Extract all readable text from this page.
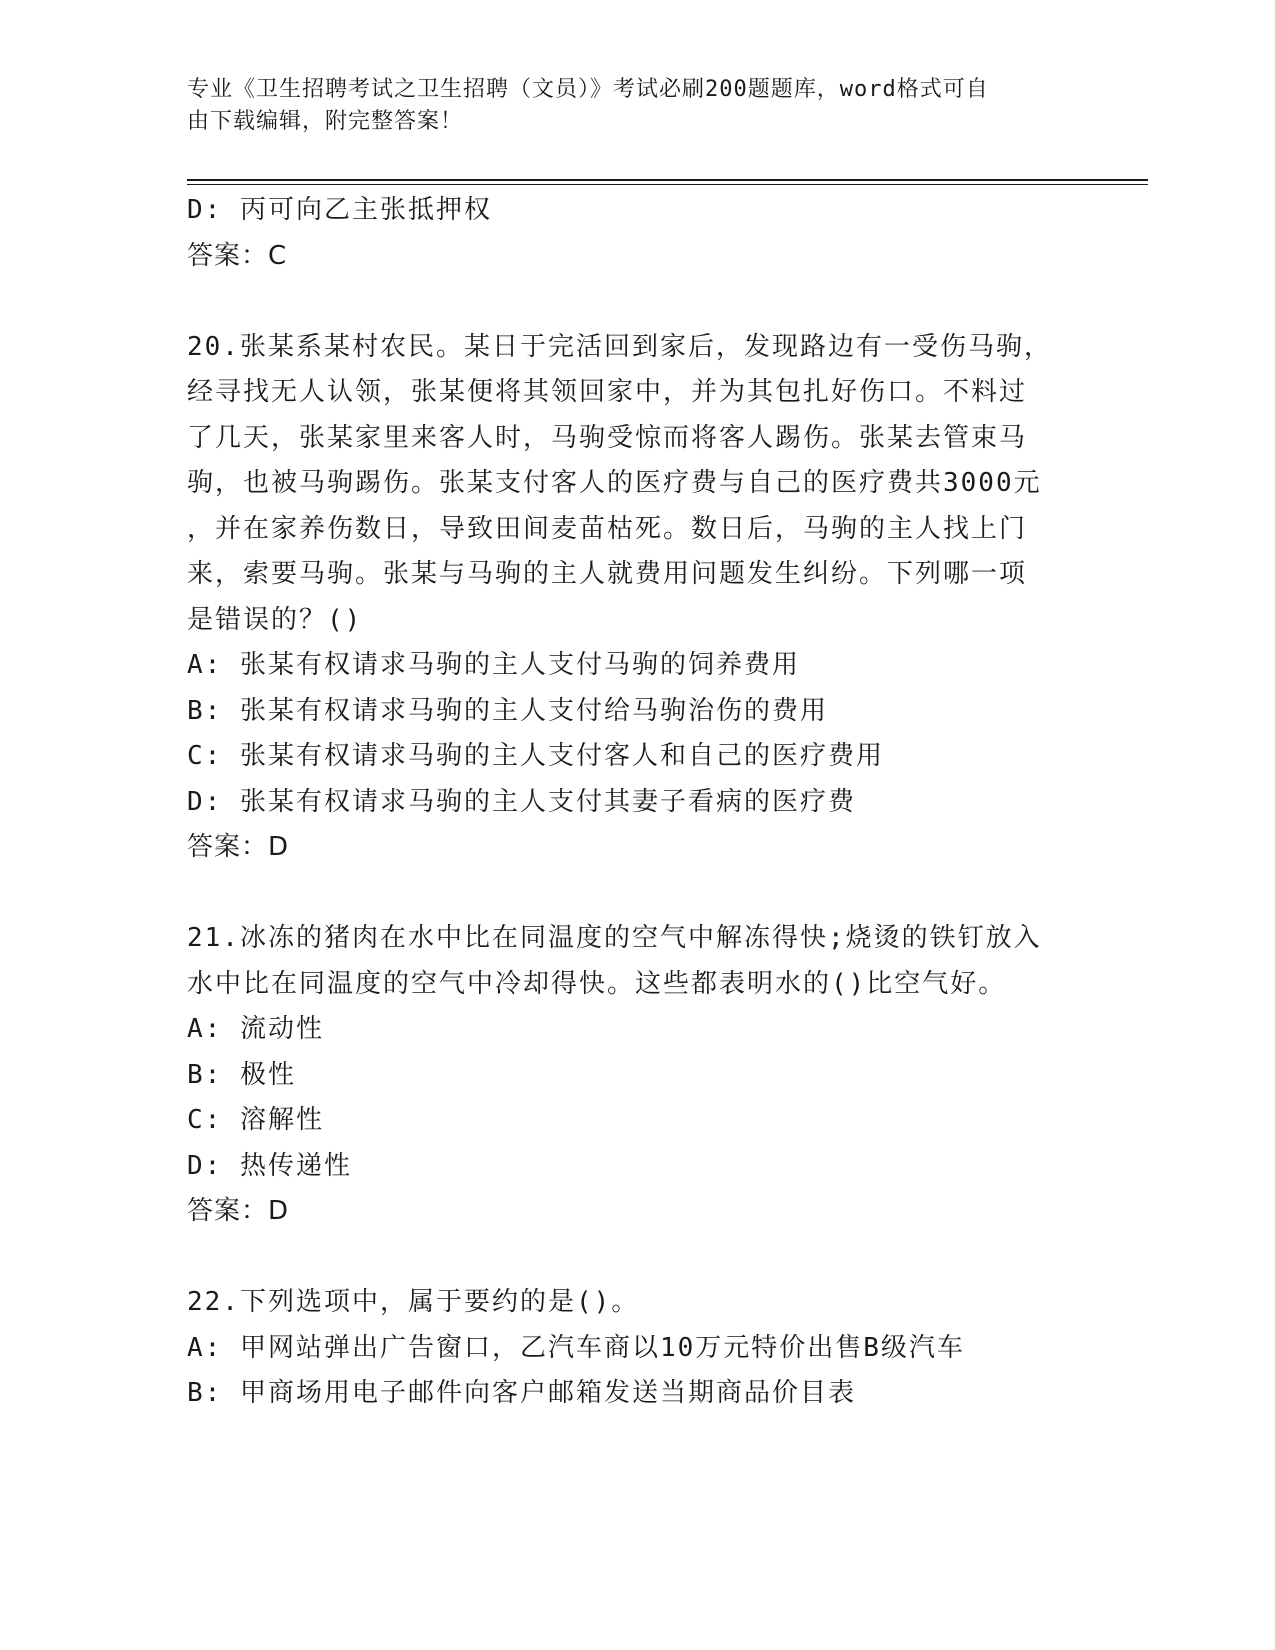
专业《卫生招聘考试之卫生招聘（文员）》考试必刷200题题库，word格式可自
由下载编辑，附完整答案！
D: 丙可向乙主张抵押权
答案：C
20.张某系某村农民。某日于完活回到家后，发现路边有一受伤马驹，
经寻找无人认领，张某便将其领回家中，并为其包扎好伤口。不料过
了几天，张某家里来客人时，马驹受惊而将客人踢伤。张某去管束马
驹，也被马驹踢伤。张某支付客人的医疗费与自己的医疗费共3000元
，并在家养伤数日，导致田间麦苗枯死。数日后，马驹的主人找上门
来，索要马驹。张某与马驹的主人就费用问题发生纠纷。下列哪一项
是错误的？()
A: 张某有权请求马驹的主人支付马驹的饲养费用
B: 张某有权请求马驹的主人支付给马驹治伤的费用
C: 张某有权请求马驹的主人支付客人和自己的医疗费用
D: 张某有权请求马驹的主人支付其妻子看病的医疗费
答案：D
21.冰冻的猪肉在水中比在同温度的空气中解冻得快;烧烫的铁钉放入
水中比在同温度的空气中冷却得快。这些都表明水的()比空气好。
A: 流动性
B: 极性
C: 溶解性
D: 热传递性
答案：D
22.下列选项中，属于要约的是()。
A: 甲网站弹出广告窗口，乙汽车商以10万元特价出售B级汽车
B: 甲商场用电子邮件向客户邮箱发送当期商品价目表
